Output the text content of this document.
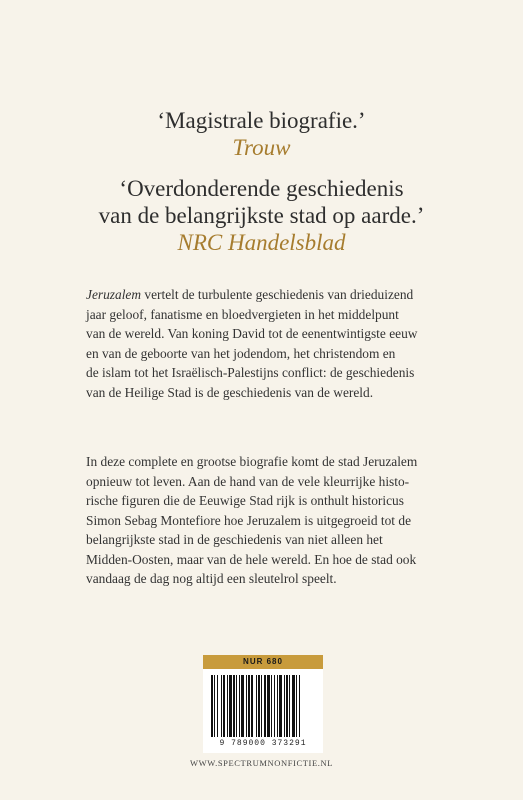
‘Magistrale biografie.’
Trouw
‘Overdonderende geschiedenis
van de belangrijkste stad op aarde.’
NRC Handelsblad
Jeruzalem vertelt de turbulente geschiedenis van drieduizend
jaar geloof, fanatisme en bloedvergieten in het middelpunt
van de wereld. Van koning David tot de eenentwintigste eeuw
en van de geboorte van het jodendom, het christendom en
de islam tot het Israëlisch-Palestijns conflict: de geschiedenis
van de Heilige Stad is de geschiedenis van de wereld.
In deze complete en grootse biografie komt de stad Jeruzalem
opnieuw tot leven. Aan de hand van de vele kleurrijke histo-
rische figuren die de Eeuwige Stad rijk is onthult historicus
Simon Sebag Montefiore hoe Jeruzalem is uitgegroeid tot de
belangrijkste stad in de geschiedenis van niet alleen het
Midden-Oosten, maar van de hele wereld. En hoe de stad ook
vandaag de dag nog altijd een sleutelrol speelt.
NUR 680
9 789000 373291
WWW.SPECTRUMNONFICTIE.NL
